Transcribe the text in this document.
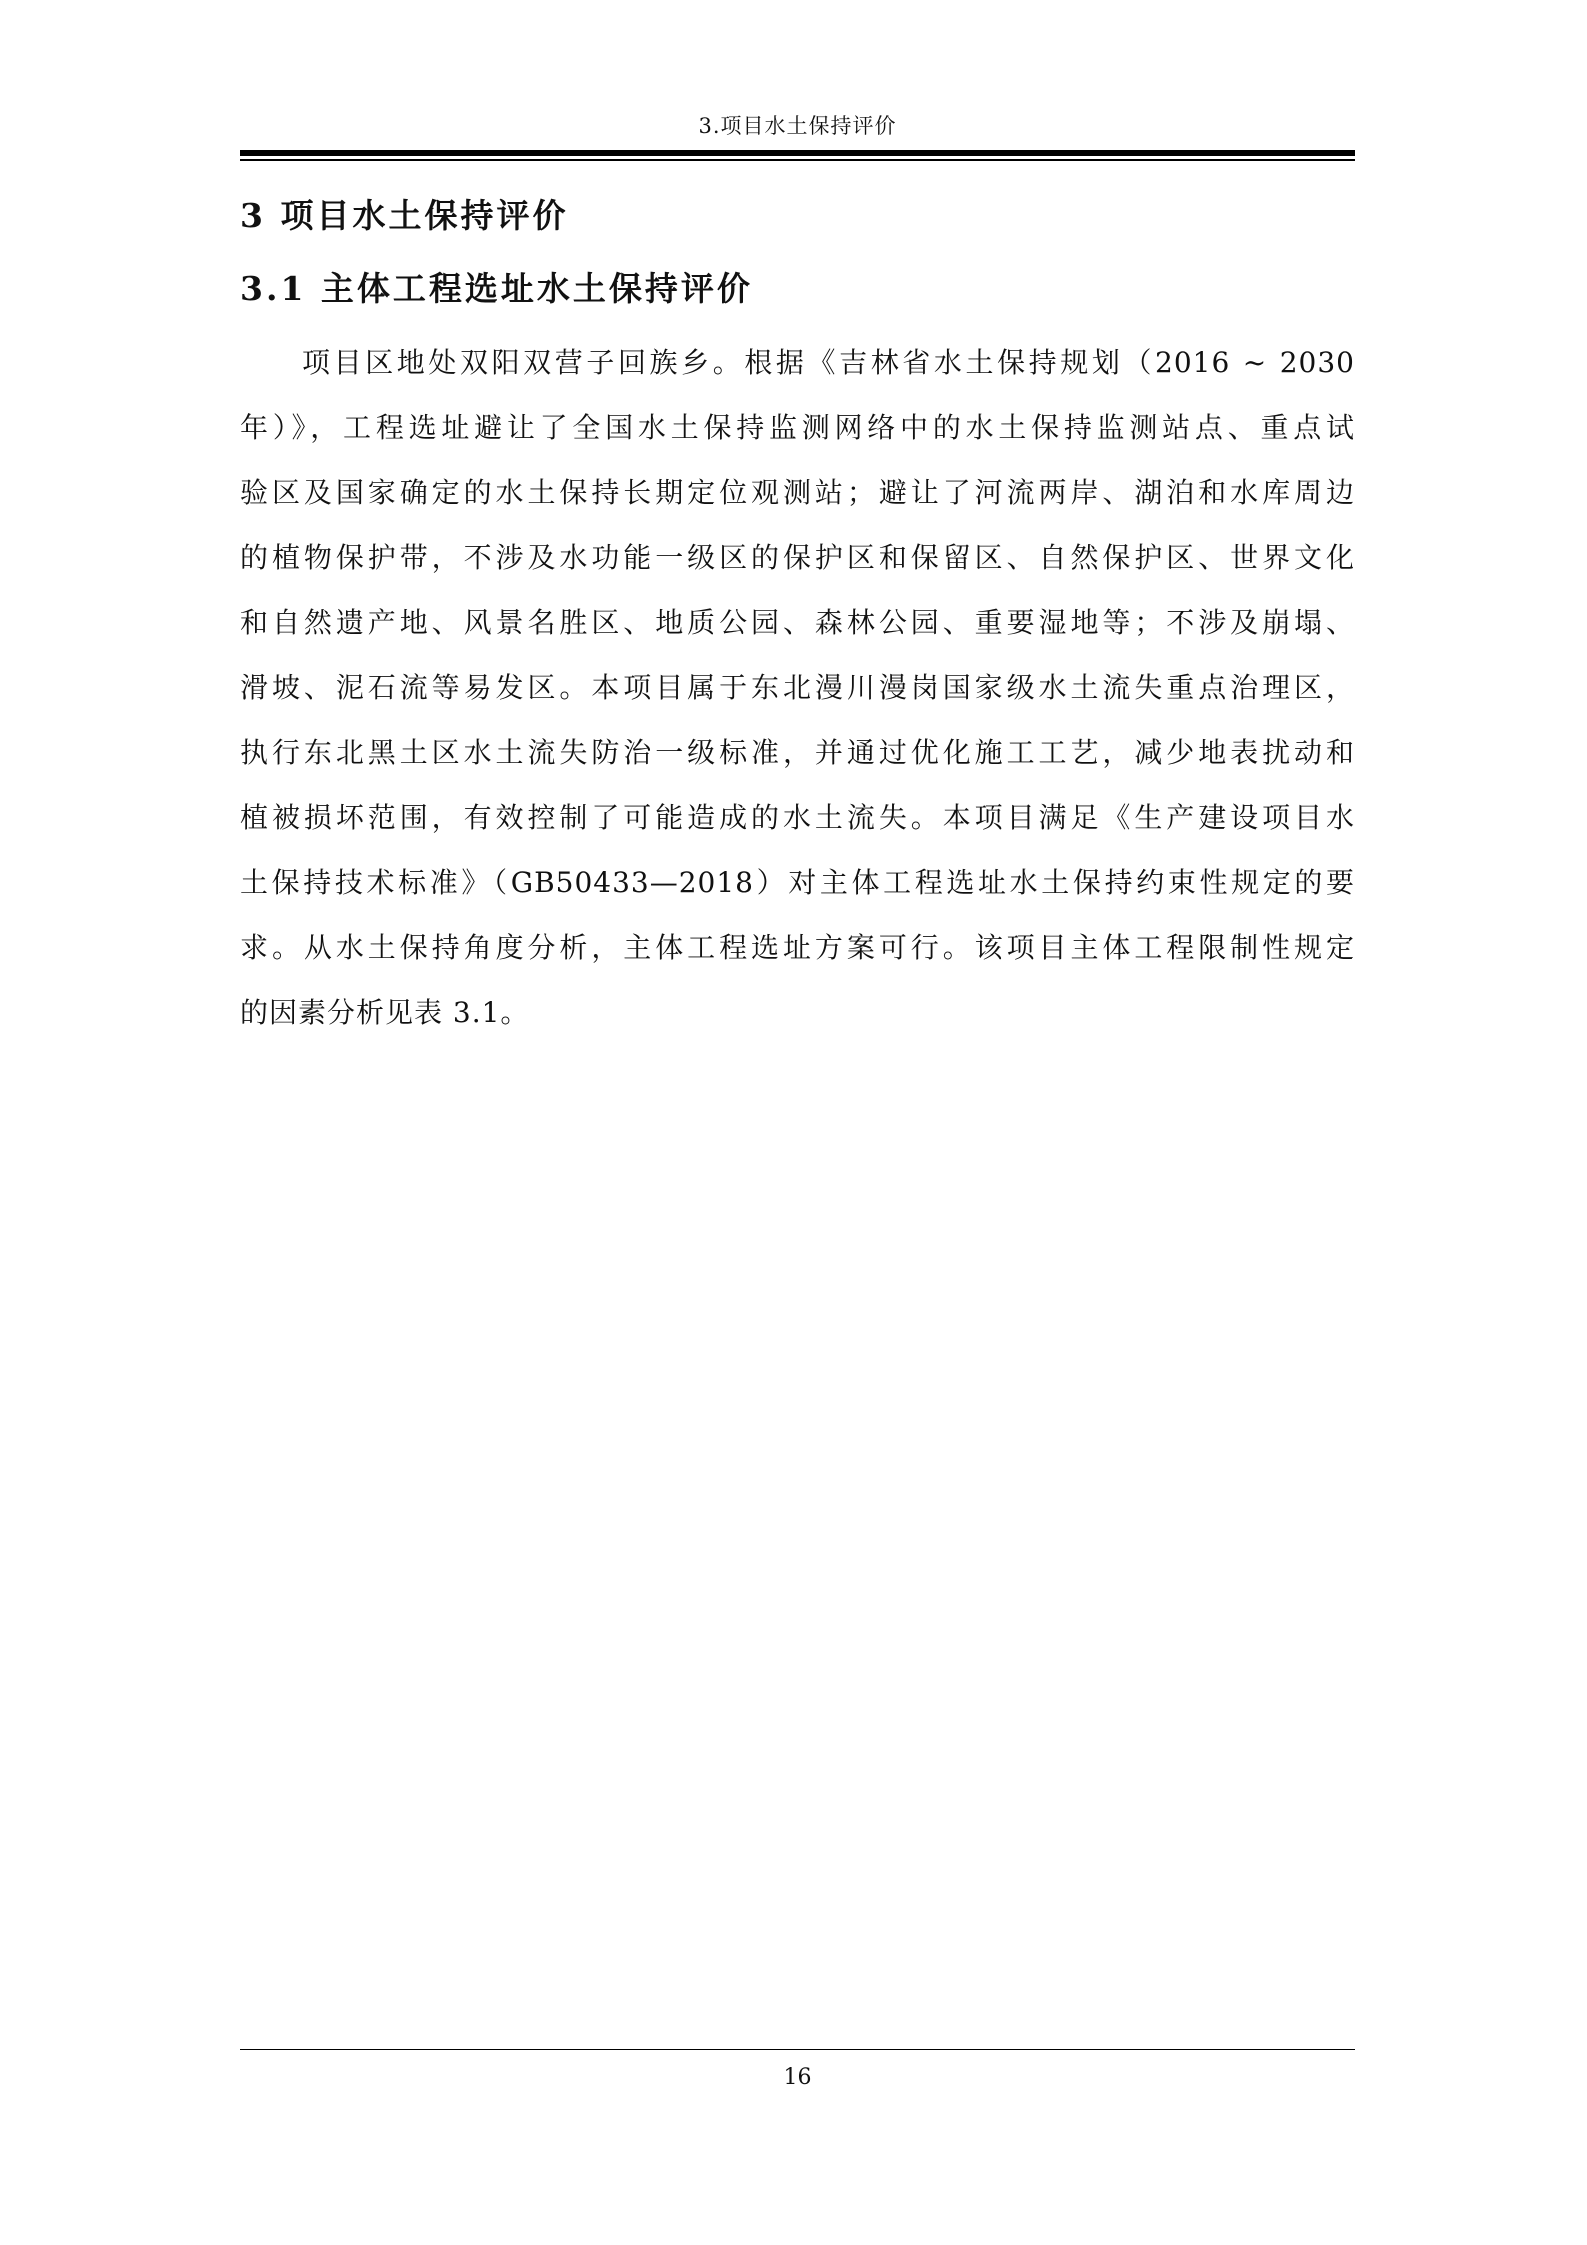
3.项目水土保持评价
3 项目水土保持评价
3.1 主体工程选址水土保持评价
项目区地处双阳双营子回族乡。根据《吉林省水土保持规划（2016 ~ 2030
年）》，工程选址避让了全国水土保持监测网络中的水土保持监测站点、重点试
验区及国家确定的水土保持长期定位观测站；避让了河流两岸、湖泊和水库周边
的植物保护带，不涉及水功能一级区的保护区和保留区、自然保护区、世界文化
和自然遗产地、风景名胜区、地质公园、森林公园、重要湿地等；不涉及崩塌、
滑坡、泥石流等易发区。本项目属于东北漫川漫岗国家级水土流失重点治理区，
执行东北黑土区水土流失防治一级标准，并通过优化施工工艺，减少地表扰动和
植被损坏范围，有效控制了可能造成的水土流失。本项目满足《生产建设项目水
土保持技术标准》（GB50433—2018）对主体工程选址水土保持约束性规定的要
求。从水土保持角度分析，主体工程选址方案可行。该项目主体工程限制性规定
的因素分析见表 3.1。
16
